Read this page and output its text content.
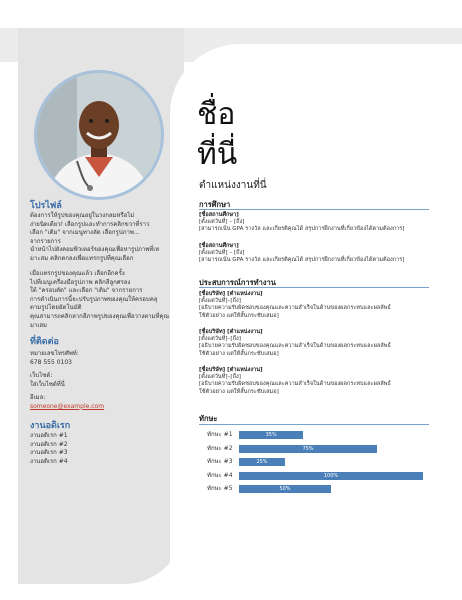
โปรไฟล์
ต้องการให้รูปของคุณอยู่ในวงกลมหรือไม่
ง่ายนิดเดียว! เลือกรูปและทำการคลิกขวาที่ราว
เลือก "เติม" จากเมนูทางลัด เลือกรูปภาพ...
จากรายการ
นำหน้าไปยังคอมพิวเตอร์ของคุณเพื่อหารูปภาพที่เห
มาะสม คลิกตกลงเพื่อแทรกรูปที่คุณเลือก
เมื่อแทรกรูปของคุณแล้ว เลือกอีกครั้ง
ไปที่เมนูเครื่องมือรูปภาพ คลิกสีลูกศรลง
ใต้ "ครอบตัด" และเลือก "เติม" จากรายการ
การดำเนินการนี้จะปรับรูปภาพของคุณให้ครอบคลุ
ตามรูปโดยอัตโนมัติ
คุณสามารถคลิกลากสีภาพรูปของคุณเพื่อวางตามที่คุณ
มาเสม
ที่ติดต่อ
หมายเลขโทรศัพท์:
678 555 0103
เว็บไซต์:
ใส่เว็บไซต์ที่นี่
อีเมล:
someone@example.com
งานอดิเรก
งานอดิเรก #1
งานอดิเรก #2
งานอดิเรก #3
งานอดิเรก #4
ชื่อ
ที่นี่

ตำแหน่งงานที่นี่

การศึกษา

[ชื่อสถานศึกษา]

[ตั้งแต่วันที่] – [ถึง]

[สามารถเน้น GPA รางวัล และเกียรติคุณได้ สรุปการฝึกงานที่เกี่ยวข้องได้ตามต้องการ]

[ชื่อสถานศึกษา]

[ตั้งแต่วันที่] – [ถึง]

[สามารถเน้น GPA รางวัล และเกียรติคุณได้ สรุปการฝึกงานที่เกี่ยวข้องได้ตามต้องการ]

ประสบการณ์การทำงาน

[ชื่อบริษัท] [ตำแหน่งงาน]

[ตั้งแต่วันที่]–[ถึง]

[อธิบายความรับผิดชอบของคุณและความสำเร็จในด้านของผลกระทบและผลลัพธ์

ใช้ตัวอย่าง แต่ให้สั้นกระชับเสมอ]

[ชื่อบริษัท] [ตำแหน่งงาน]

[ตั้งแต่วันที่]–[ถึง]

[อธิบายความรับผิดชอบของคุณและความสำเร็จในด้านของผลกระทบและผลลัพธ์

ใช้ตัวอย่าง แต่ให้สั้นกระชับเสมอ]

[ชื่อบริษัท] [ตำแหน่งงาน]

[ตั้งแต่วันที่]–[ถึง]

[อธิบายความรับผิดชอบของคุณและความสำเร็จในด้านของผลกระทบและผลลัพธ์

ใช้ตัวอย่าง แต่ให้สั้นกระชับเสมอ]

ทักษะ

ทักษะ #1	35%

ทักษะ #2	75%

ทักษะ #3	25%

ทักษะ #4	100%

ทักษะ #5	50%
